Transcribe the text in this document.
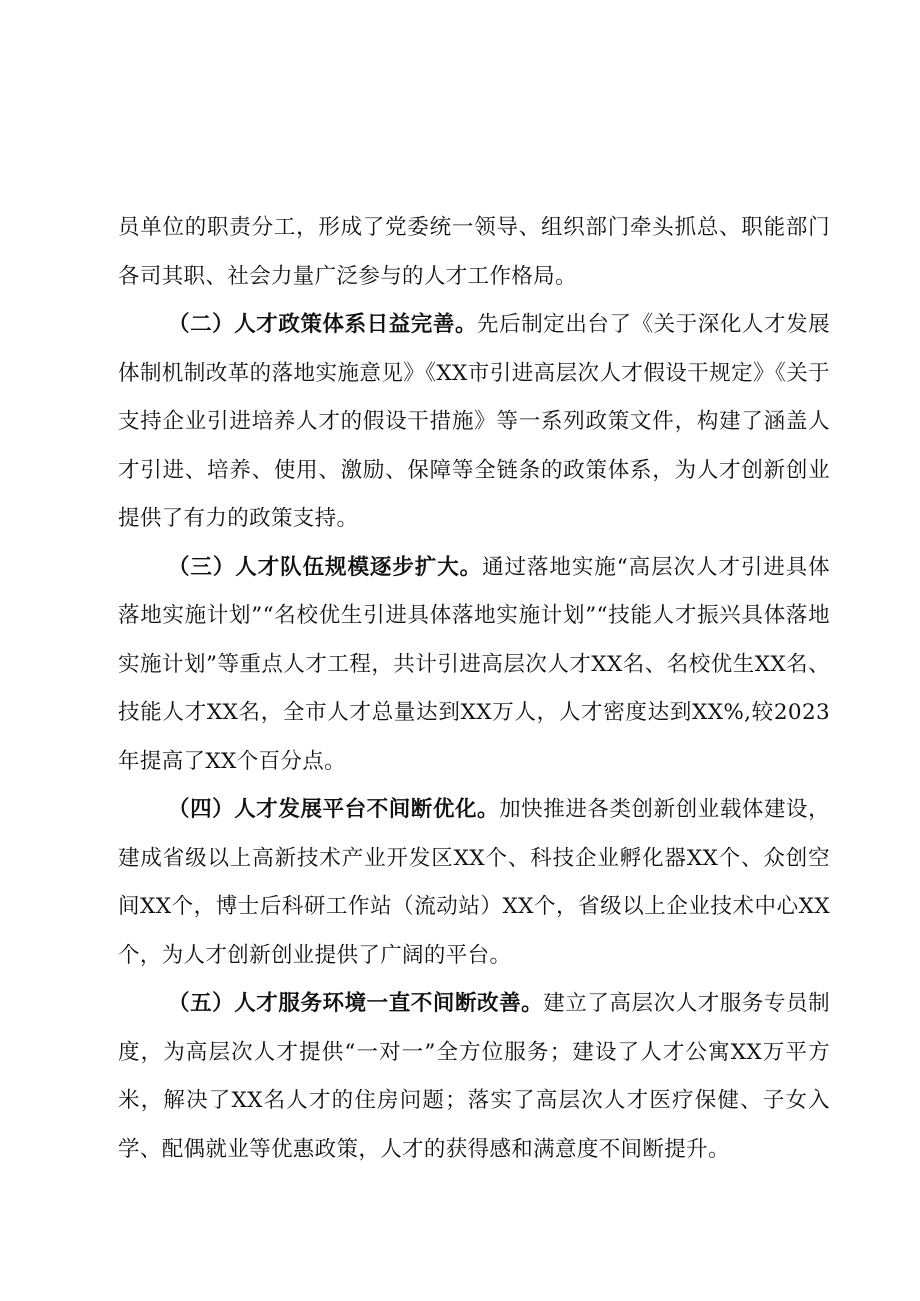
员单位的职责分工，形成了党委统一领导、组织部门牵头抓总、职能部门各司其职、社会力量广泛参与的人才工作格局。

（二）人才政策体系日益完善。先后制定出台了《关于深化人才发展体制机制改革的落地实施意见》《XX市引进高层次人才假设干规定》《关于支持企业引进培养人才的假设干措施》等一系列政策文件，构建了涵盖人才引进、培养、使用、激励、保障等全链条的政策体系，为人才创新创业提供了有力的政策支持。

（三）人才队伍规模逐步扩大。通过落地实施“高层次人才引进具体落地实施计划”“名校优生引进具体落地实施计划”“技能人才振兴具体落地实施计划”等重点人才工程，共计引进高层次人才XX名、名校优生XX名、技能人才XX名，全市人才总量达到XX万人，人才密度达到XX%,较2023年提高了XX个百分点。

（四）人才发展平台不间断优化。加快推进各类创新创业载体建设，建成省级以上高新技术产业开发区XX个、科技企业孵化器XX个、众创空间XX个，博士后科研工作站（流动站）XX个，省级以上企业技术中心XX个，为人才创新创业提供了广阔的平台。

（五）人才服务环境一直不间断改善。建立了高层次人才服务专员制度，为高层次人才提供“一对一”全方位服务；建设了人才公寓XX万平方米，解决了XX名人才的住房问题；落实了高层次人才医疗保健、子女入学、配偶就业等优惠政策，人才的获得感和满意度不间断提升。
